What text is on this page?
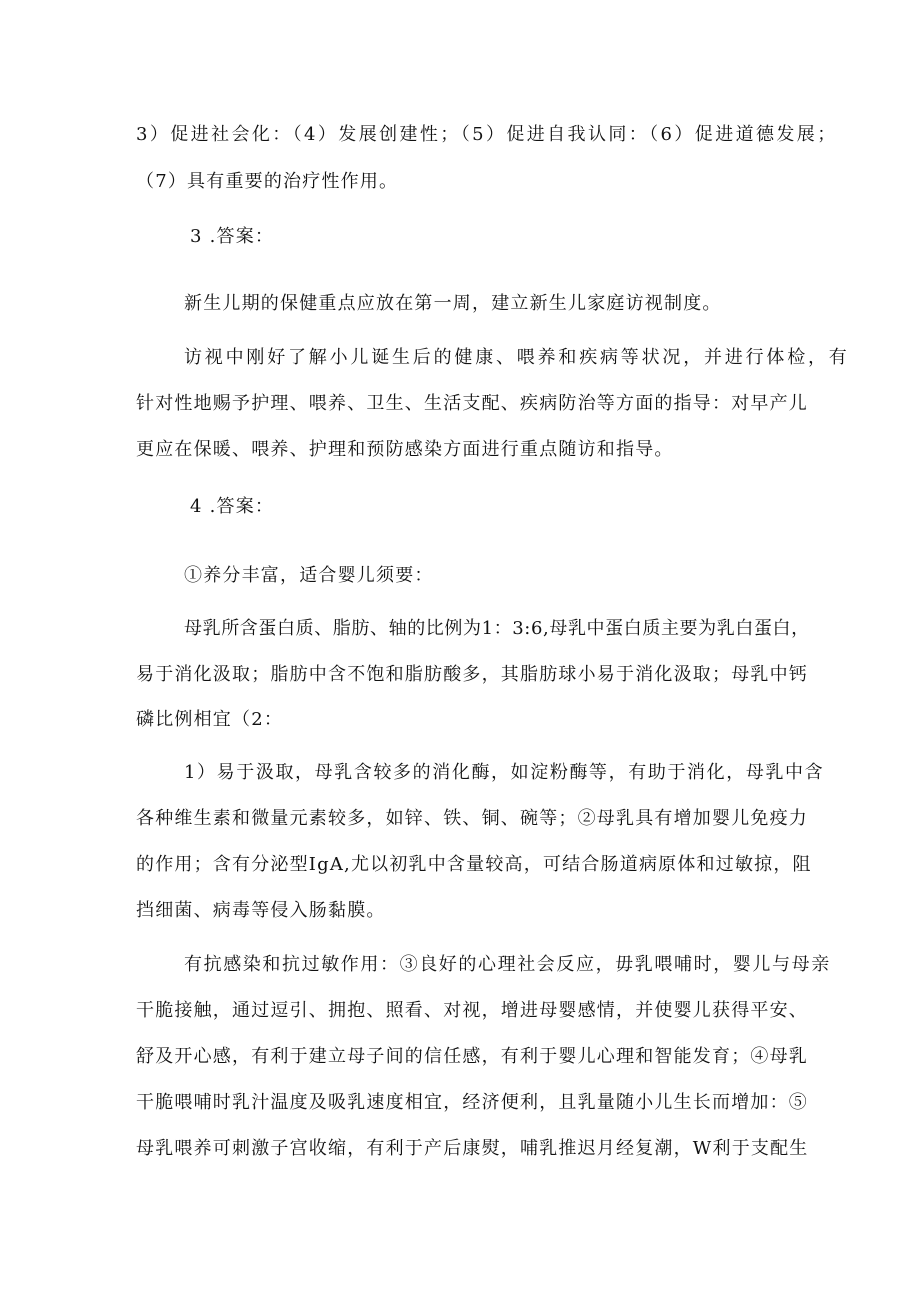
3）促进社会化：（4）发展创建性；（5）促进自我认同：（6）促进道德发展；

（7）具有重要的治疗性作用。

3 .答案：

新生儿期的保健重点应放在第一周，建立新生儿家庭访视制度。

访视中刚好了解小儿诞生后的健康、喂养和疾病等状况，并进行体检，有

针对性地赐予护理、喂养、卫生、生活支配、疾病防治等方面的指导：对早产儿

更应在保暖、喂养、护理和预防感染方面进行重点随访和指导。

4 .答案：

①养分丰富，适合婴儿须要：

母乳所含蛋白质、脂肪、轴的比例为1：3:6,母乳中蛋白质主要为乳白蛋白，

易于消化汲取；脂肪中含不饱和脂肪酸多，其脂肪球小易于消化汲取；母乳中钙

磷比例相宜（2：

1）易于汲取，母乳含较多的消化酶，如淀粉酶等，有助于消化，母乳中含

各种维生素和微量元素较多，如锌、铁、铜、碗等；②母乳具有增加婴儿免疫力

的作用；含有分泌型IgA,尤以初乳中含量较高，可结合肠道病原体和过敏掠，阻

挡细菌、病毒等侵入肠黏膜。

有抗感染和抗过敏作用：③良好的心理社会反应，毋乳喂哺时，婴儿与母亲

干脆接触，通过逗引、拥抱、照看、对视，增进母婴感情，并使婴儿获得平安、

舒及开心感，有利于建立母子间的信任感，有利于婴儿心理和智能发育；④母乳

干脆喂哺时乳汁温度及吸乳速度相宜，经济便利，且乳量随小儿生长而增加：⑤

母乳喂养可刺激子宫收缩，有利于产后康熨，哺乳推迟月经复潮，W利于支配生
